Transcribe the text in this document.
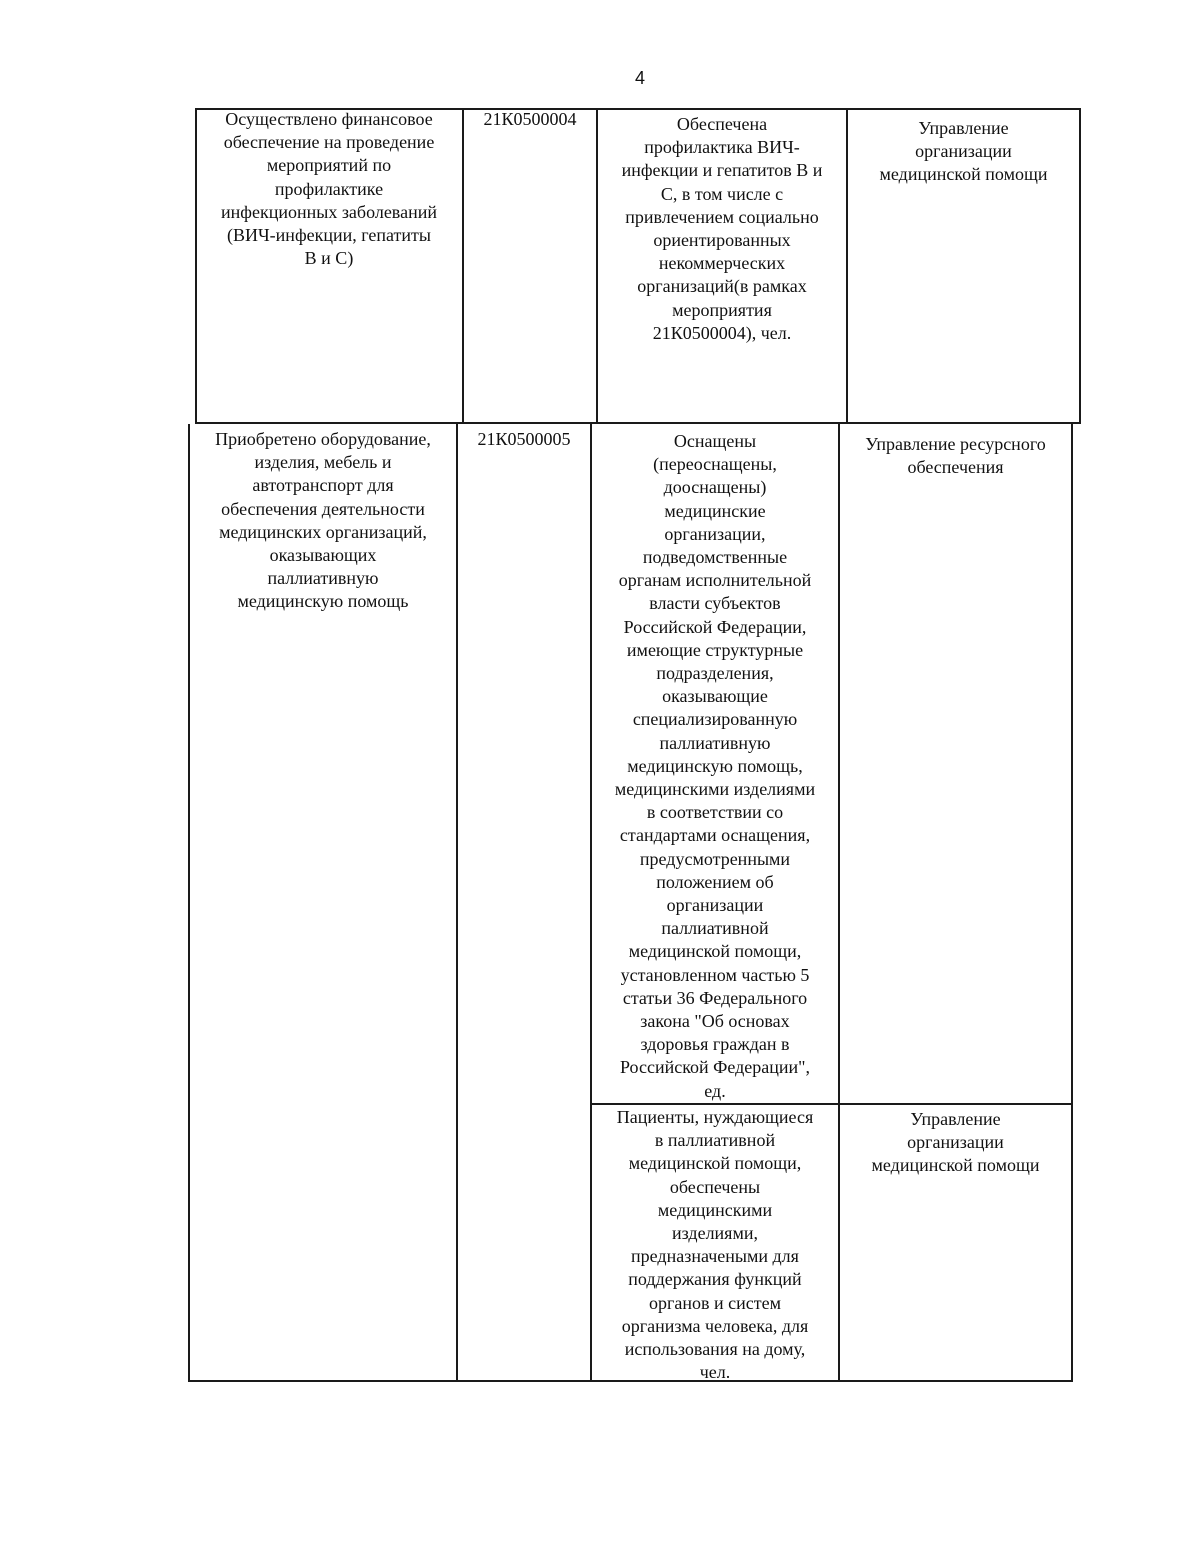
4
Осуществлено финансовое
обеспечение на проведение
мероприятий по
профилактике
инфекционных заболеваний
(ВИЧ-инфекции, гепатиты
В и С)
21К0500004	Обеспечена
профилактика ВИЧ-
инфекции и гепатитов В и
С, в том числе с
привлечением социально
ориентированных
некоммерческих
организаций(в рамках
мероприятия
21К0500004), чел.
Управление
организации
медицинской помощи
Приобретено оборудование,
изделия, мебель и
автотранспорт для
обеспечения деятельности
медицинских организаций,
оказывающих
паллиативную
медицинскую помощь
21К0500005	Оснащены
(переоснащены,
дооснащены)
медицинские
организации,
подведомственные
органам исполнительной
власти субъектов
Российской Федерации,
имеющие структурные
подразделения,
оказывающие
специализированную
паллиативную
медицинскую помощь,
медицинскими изделиями
в соответствии со
стандартами оснащения,
предусмотренными
положением об
организации
паллиативной
медицинской помощи,
установленном частью 5
статьи 36 Федерального
закона "Об основах
здоровья граждан в
Российской Федерации",
ед.
Управление ресурсного
обеспечения
Пациенты, нуждающиеся
в паллиативной
медицинской помощи,
обеспечены
медицинскими
изделиями,
предназначеными для
поддержания функций
органов и систем
организма человека, для
использования на дому,
чел.
Управление
организации
медицинской помощи
